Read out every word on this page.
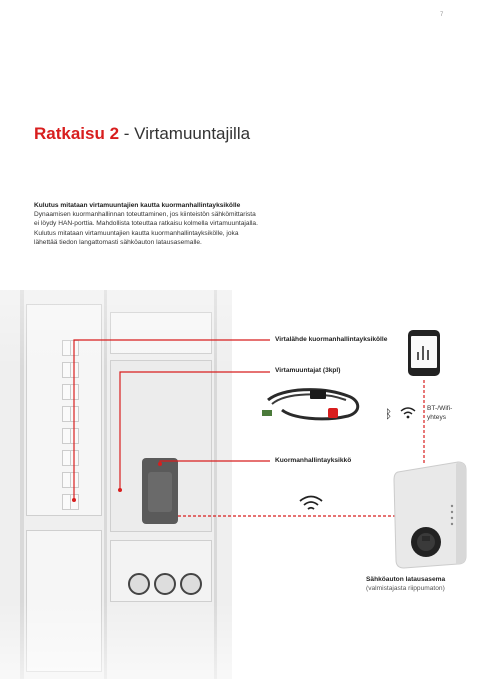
7
Ratkaisu 2 - Virtamuuntajilla

Kulutus mitataan virtamuuntajien kautta kuormanhallintayksikölle

Dynaamisen kuormanhallinnan toteuttaminen, jos kiinteistön sähkömittarista

ei löydy HAN-porttia. Mahdollista toteuttaa ratkaisu kolmella virtamuuntajalla.

Kulutus mitataan virtamuuntajien kautta kuormanhallintayksikölle, joka

lähettää tiedon langattomasti sähköauton latausasemalle.

Virtalähde kuormanhallintayksikölle
Virtamuuntajat (3kpl)
Kuormanhallintayksikkö
ᛒ	BT-/Wifi-
yhteys
Sähköauton latausasema
(valmistajasta riippumaton)
